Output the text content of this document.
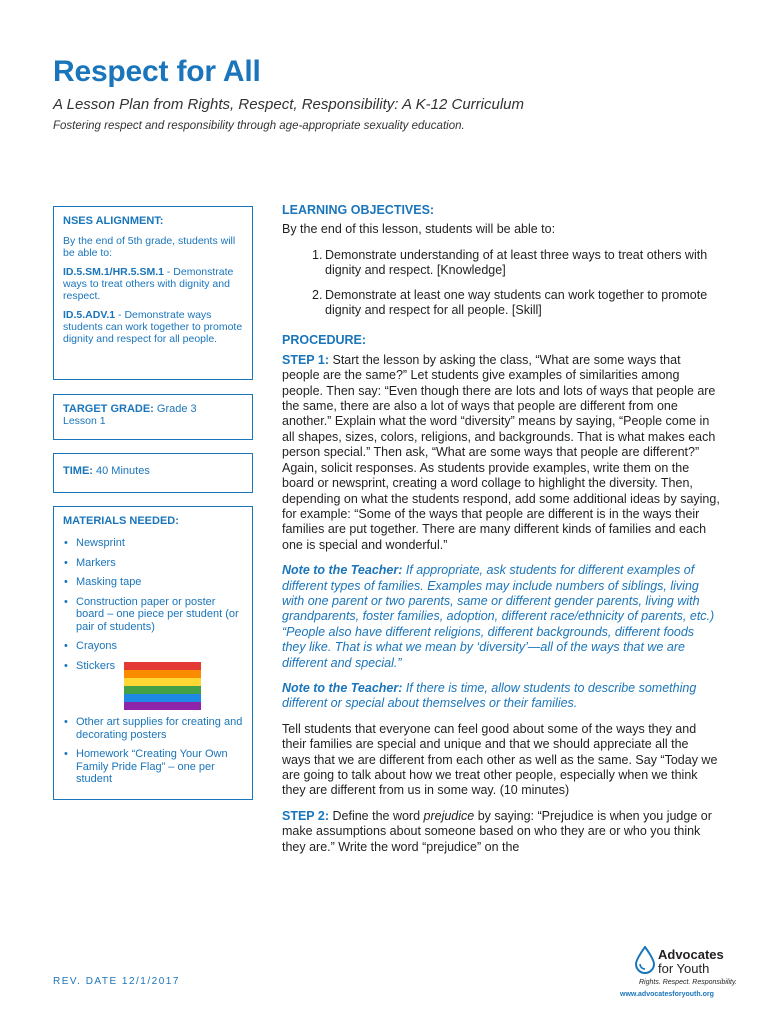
Respect for All
A Lesson Plan from Rights, Respect, Responsibility: A K-12 Curriculum
Fostering respect and responsibility through age-appropriate sexuality education.
NSES ALIGNMENT:
By the end of 5th grade, students will be able to:
ID.5.SM.1/HR.5.SM.1 - Demonstrate ways to treat others with dignity and respect.
ID.5.ADV.1 - Demonstrate ways students can work together to promote dignity and respect for all people.
TARGET GRADE: Grade 3
Lesson 1
TIME: 40 Minutes
MATERIALS NEEDED:
• Newsprint
• Markers
• Masking tape
• Construction paper or poster board – one piece per student (or pair of students)
• Crayons
• Stickers
• Other art supplies for creating and decorating posters
• Homework “Creating Your Own Family Pride Flag” – one per student
LEARNING OBJECTIVES:

By the end of this lesson, students will be able to:

1. Demonstrate understanding of at least three ways to treat others with dignity and respect. [Knowledge]
2. Demonstrate at least one way students can work together to promote dignity and respect for all people. [Skill]
PROCEDURE:

STEP 1: Start the lesson by asking the class, “What are some ways that people are the same?” Let students give examples of similarities among people. Then say: “Even though there are lots and lots of ways that people are the same, there are also a lot of ways that people are different from one another.” Explain what the word “diversity” means by saying, “People come in all shapes, sizes, colors, religions, and backgrounds. That is what makes each person special.” Then ask, “What are some ways that people are different?” Again, solicit responses. As students provide examples, write them on the board or newsprint, creating a word collage to highlight the diversity. Then, depending on what the students respond, add some additional ideas by saying, for example: “Some of the ways that people are different is in the ways their families are put together. There are many different kinds of families and each one is special and wonderful.”

Note to the Teacher: If appropriate, ask students for different examples of different types of families. Examples may include numbers of siblings, living with one parent or two parents, same or different gender parents, living with grandparents, foster families, adoption, different race/ethnicity of parents, etc.) “People also have different religions, different backgrounds, different foods they like. That is what we mean by ‘diversity’—all of the ways that we are different and special.”

Note to the Teacher: If there is time, allow students to describe something different or special about themselves or their families.

Tell students that everyone can feel good about some of the ways they and their families are special and unique and that we should appreciate all the ways that we are different from each other as well as the same. Say “Today we are going to talk about how we treat other people, especially when we think they are different from us in some way. (10 minutes)

STEP 2: Define the word prejudice by saying: “Prejudice is when you judge or make assumptions about someone based on who they are or who you think they are.” Write the word “prejudice” on the

REV. DATE 12/1/2017
Advocates
for Youth
Rights. Respect. Responsibility.
www.advocatesforyouth.org
